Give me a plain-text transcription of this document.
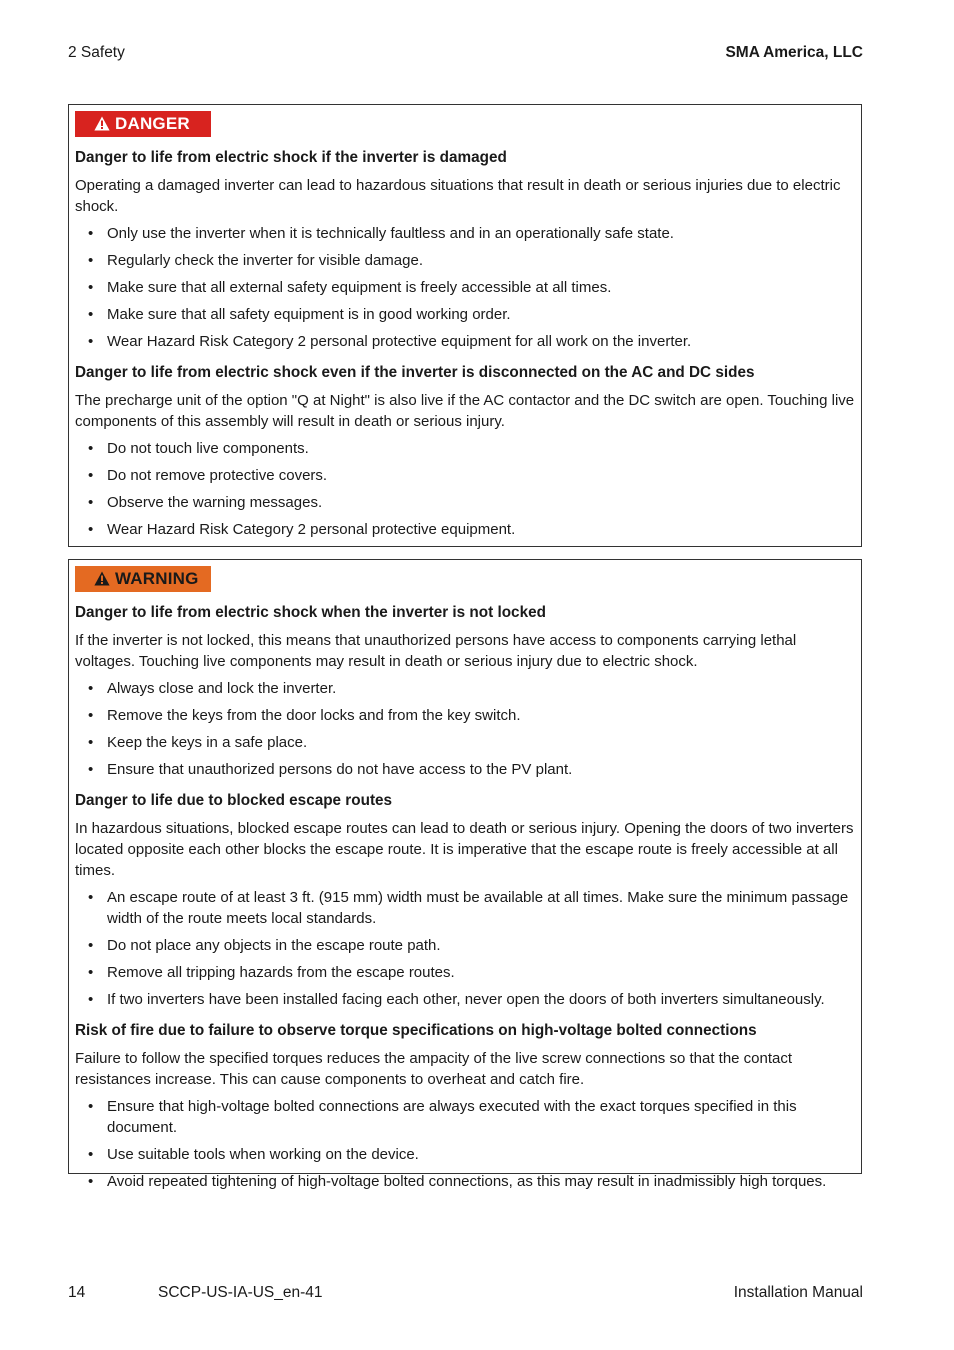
2 Safety	SMA America, LLC
DANGER
Danger to life from electric shock if the inverter is damaged

Operating a damaged inverter can lead to hazardous situations that result in death or serious injuries due to electric shock.

• Only use the inverter when it is technically faultless and in an operationally safe state.
• Regularly check the inverter for visible damage.
• Make sure that all external safety equipment is freely accessible at all times.
• Make sure that all safety equipment is in good working order.
• Wear Hazard Risk Category 2 personal protective equipment for all work on the inverter.
Danger to life from electric shock even if the inverter is disconnected on the AC and DC sides

The precharge unit of the option "Q at Night" is also live if the AC contactor and the DC switch are open. Touching live components of this assembly will result in death or serious injury.

• Do not touch live components.
• Do not remove protective covers.
• Observe the warning messages.
• Wear Hazard Risk Category 2 personal protective equipment.
WARNING
Danger to life from electric shock when the inverter is not locked

If the inverter is not locked, this means that unauthorized persons have access to components carrying lethal voltages. Touching live components may result in death or serious injury due to electric shock.

• Always close and lock the inverter.
• Remove the keys from the door locks and from the key switch.
• Keep the keys in a safe place.
• Ensure that unauthorized persons do not have access to the PV plant.
Danger to life due to blocked escape routes

In hazardous situations, blocked escape routes can lead to death or serious injury. Opening the doors of two inverters located opposite each other blocks the escape route. It is imperative that the escape route is freely accessible at all times.

• An escape route of at least 3 ft. (915 mm) width must be available at all times. Make sure the minimum passage width of the route meets local standards.
• Do not place any objects in the escape route path.
• Remove all tripping hazards from the escape routes.
• If two inverters have been installed facing each other, never open the doors of both inverters simultaneously.
Risk of fire due to failure to observe torque specifications on high-voltage bolted connections

Failure to follow the specified torques reduces the ampacity of the live screw connections so that the contact resistances increase. This can cause components to overheat and catch fire.

• Ensure that high-voltage bolted connections are always executed with the exact torques specified in this document.
• Use suitable tools when working on the device.
• Avoid repeated tightening of high-voltage bolted connections, as this may result in inadmissibly high torques.
14	SCCP-US-IA-US_en-41	Installation Manual
